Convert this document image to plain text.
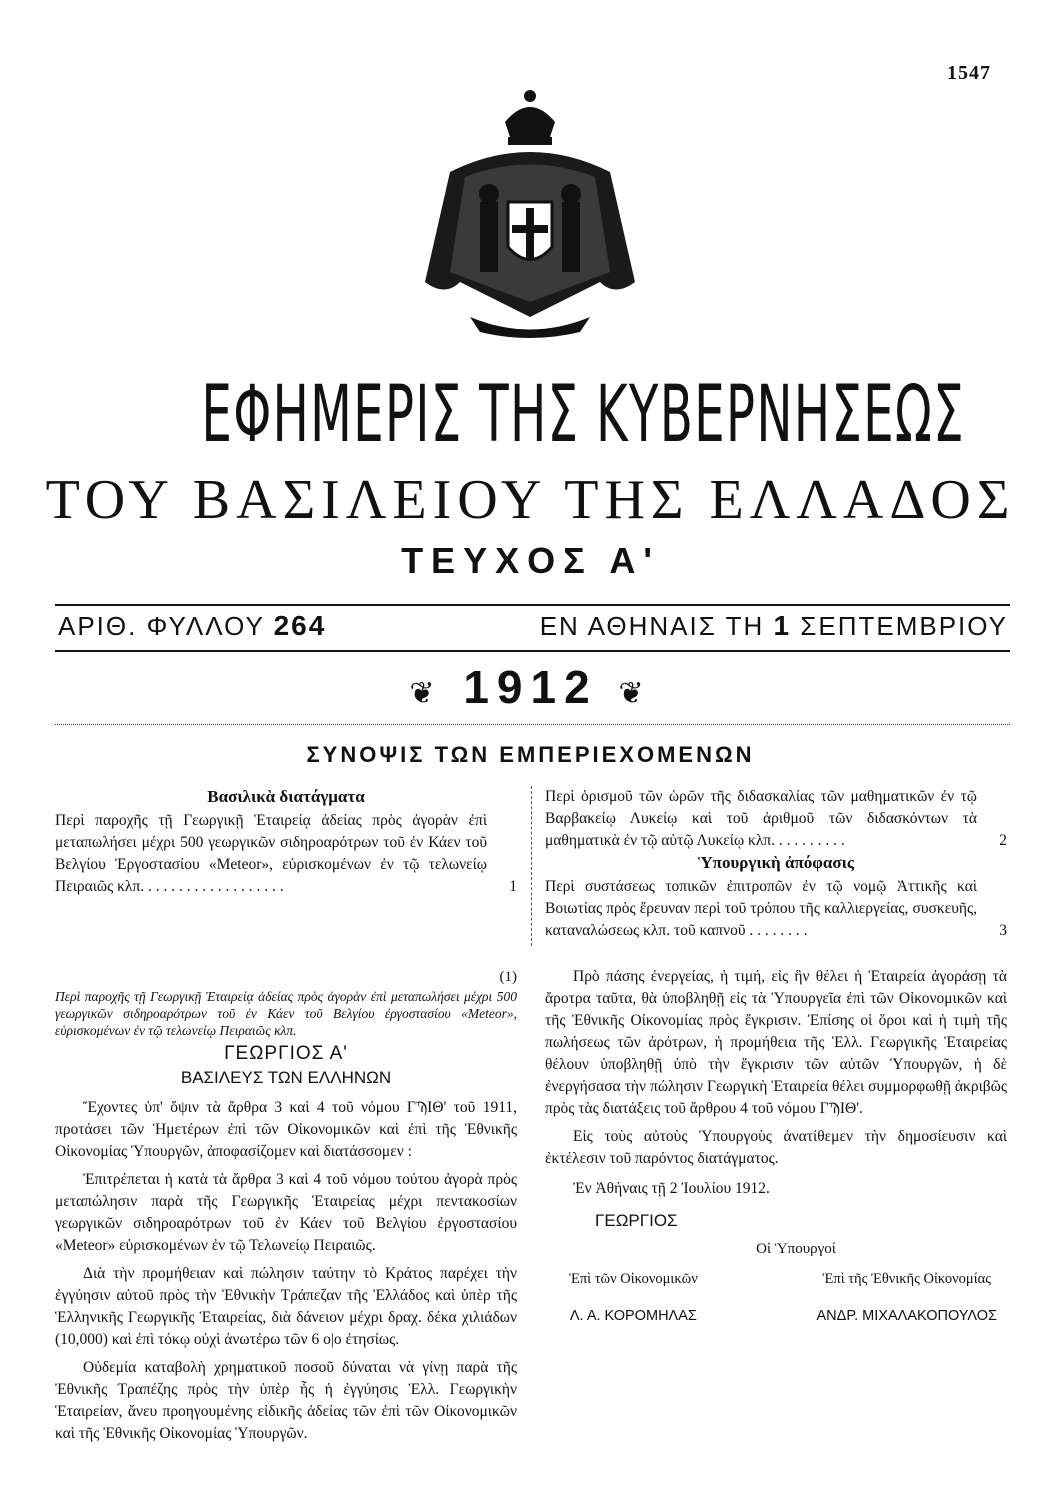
1547
ΕΦΗΜΕΡΙΣ ΤΗΣ ΚΥΒΕΡΝΗΣΕΩΣ
ΤΟΥ ΒΑΣΙΛΕΙΟΥ ΤΗΣ ΕΛΛΑΔΟΣ
ΤΕΥΧΟΣ Α'
ΑΡΙΘ. ΦΥΛΛΟΥ 264	ΕΝ ΑΘΗΝΑΙΣ ΤΗ 1 ΣΕΠΤΕΜΒΡΙΟΥ
❦ 1912 ❦
ΣΥΝΟΨΙΣ ΤΩΝ ΕΜΠΕΡΙΕΧΟΜΕΝΩΝ

Βασιλικὰ διατάγματα

Περὶ παροχῆς τῇ Γεωργικῇ Ἑταιρείᾳ ἀδείας πρὸς ἀγορὰν ἐπὶ μεταπωλήσει μέχρι 500 γεωργικῶν σιδηροαρότρων τοῦ ἐν Κάεν τοῦ Βελγίου Ἐργοστασίου «Meteor», εὑρισκομένων ἐν τῷ τελωνείῳ Πειραιῶς κλπ. . . . . . . . . . . . . . . . . . .	1

Περὶ ὁρισμοῦ τῶν ὡρῶν τῆς διδασκαλίας τῶν μαθηματικῶν ἐν τῷ Βαρβακείῳ Λυκείῳ καὶ τοῦ ἀριθμοῦ τῶν διδασκόντων τὰ μαθηματικὰ ἐν τῷ αὐτῷ Λυκείῳ κλπ. . . . . . . . . .	2

Ὑπουργικὴ ἀπόφασις

Περὶ συστάσεως τοπικῶν ἐπιτροπῶν ἐν τῷ νομῷ Ἀττικῆς καὶ Βοιωτίας πρὸς ἔρευναν περὶ τοῦ τρόπου τῆς καλλιεργείας, συσκευῆς, καταναλώσεως κλπ. τοῦ καπνοῦ . . . . . . . .	3

(1)

Περὶ παροχῆς τῇ Γεωργικῇ Ἑταιρείᾳ ἀδείας πρὸς ἀγορὰν ἐπὶ μεταπωλήσει μέχρι 500 γεωργικῶν σιδηροαρότρων τοῦ ἐν Κάεν τοῦ Βελγίου ἐργοστασίου «Meteor», εὑρισκομένων ἐν τῷ τελωνείῳ Πειραιῶς κλπ.

ΓΕΩΡΓΙΟΣ Α'

ΒΑΣΙΛΕΥΣ ΤΩΝ ΕΛΛΗΝΩΝ

Ἔχοντες ὑπ' ὄψιν τὰ ἄρθρα 3 καὶ 4 τοῦ νόμου ΓϠΙΘ' τοῦ 1911, προτάσει τῶν Ἡμετέρων ἐπὶ τῶν Οἰκονομικῶν καὶ ἐπὶ τῆς Ἐθνικῆς Οἰκονομίας Ὑπουργῶν, ἀποφασίζομεν καὶ διατάσσομεν :

Ἐπιτρέπεται ἡ κατὰ τὰ ἄρθρα 3 καὶ 4 τοῦ νόμου τούτου ἀγορὰ πρὸς μεταπώλησιν παρὰ τῆς Γεωργικῆς Ἑταιρείας μέχρι πεντακοσίων γεωργικῶν σιδηροαρότρων τοῦ ἐν Κάεν τοῦ Βελγίου ἐργοστασίου «Meteor» εὑρισκομένων ἐν τῷ Τελωνείῳ Πειραιῶς.

Διὰ τὴν προμήθειαν καὶ πώλησιν ταύτην τὸ Κράτος παρέχει τὴν ἐγγύησιν αὐτοῦ πρὸς τὴν Ἐθνικὴν Τράπεζαν τῆς Ἑλλάδος καὶ ὑπὲρ τῆς Ἑλληνικῆς Γεωργικῆς Ἑταιρείας, διὰ δάνειον μέχρι δραχ. δέκα χιλιάδων (10,000) καὶ ἐπὶ τόκῳ οὐχὶ ἀνωτέρω τῶν 6 ο|ο ἐτησίως.

Οὐδεμία καταβολὴ χρηματικοῦ ποσοῦ δύναται νὰ γίνῃ παρὰ τῆς Ἐθνικῆς Τραπέζης πρὸς τὴν ὑπὲρ ἧς ἡ ἐγγύησις Ἑλλ. Γεωργικὴν Ἑταιρείαν, ἄνευ προηγουμένης εἰδικῆς ἀδείας τῶν ἐπὶ τῶν Οἰκονομικῶν καὶ τῆς Ἐθνικῆς Οἰκονομίας Ὑπουργῶν.

Πρὸ πάσης ἐνεργείας, ἡ τιμή, εἰς ἣν θέλει ἡ Ἑταιρεία ἀγοράσῃ τὰ ἄροτρα ταῦτα, θὰ ὑποβληθῇ εἰς τὰ Ὑπουργεῖα ἐπὶ τῶν Οἰκονομικῶν καὶ τῆς Ἐθνικῆς Οἰκονομίας πρὸς ἔγκρισιν. Ἐπίσης οἱ ὅροι καὶ ἡ τιμὴ τῆς πωλήσεως τῶν ἀρότρων, ἡ προμήθεια τῆς Ἑλλ. Γεωργικῆς Ἑταιρείας θέλουν ὑποβληθῇ ὑπὸ τὴν ἔγκρισιν τῶν αὐτῶν Ὑπουργῶν, ἡ δὲ ἐνεργήσασα τὴν πώλησιν Γεωργικὴ Ἑταιρεία θέλει συμμορφωθῇ ἀκριβῶς πρὸς τὰς διατάξεις τοῦ ἄρθρου 4 τοῦ νόμου ΓϠΙΘ'.

Εἰς τοὺς αὐτοὺς Ὑπουργοὺς ἀνατίθεμεν τὴν δημοσίευσιν καὶ ἐκτέλεσιν τοῦ παρόντος διατάγματος.

Ἐν Ἀθήναις τῇ 2 Ἰουλίου 1912.

ΓΕΩΡΓΙΟΣ

Οἱ Ὑπουργοί

Ἐπὶ τῶν Οἰκονομικῶν

Λ. Α. ΚΟΡΟΜΗΛΑΣ

Ἐπὶ τῆς Ἐθνικῆς Οἰκονομίας

ΑΝΔΡ. ΜΙΧΑΛΑΚΟΠΟΥΛΟΣ
